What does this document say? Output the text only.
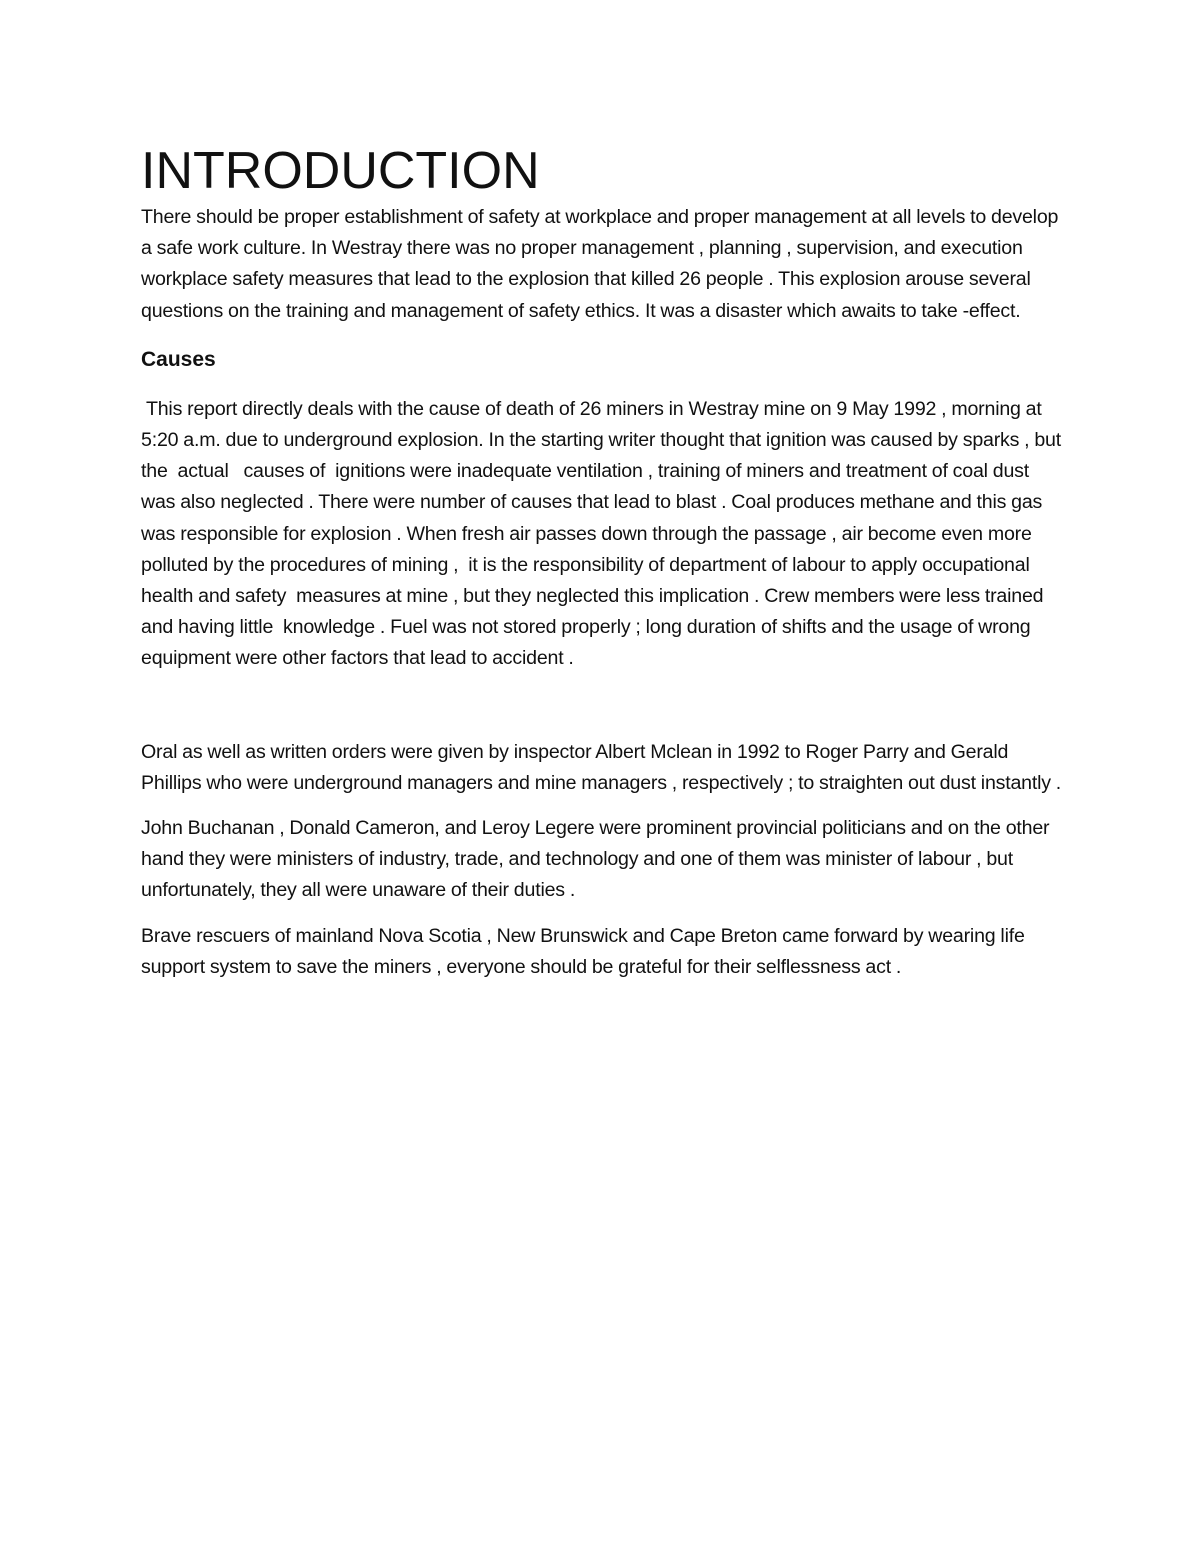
INTRODUCTION

There should be proper establishment of safety at workplace and proper management at all levels to develop a safe work culture. In Westray there was no proper management , planning , supervision, and execution workplace safety measures that lead to the explosion that killed 26 people . This explosion arouse several questions on the training and management of safety ethics. It was a disaster which awaits to take -effect.

Causes

This report directly deals with the cause of death of 26 miners in Westray mine on 9 May 1992 , morning at 5:20 a.m. due to underground explosion. In the starting writer thought that ignition was caused by sparks , but the  actual   causes of  ignitions were inadequate ventilation , training of miners and treatment of coal dust was also neglected . There were number of causes that lead to blast . Coal produces methane and this gas was responsible for explosion . When fresh air passes down through the passage , air become even more polluted by the procedures of mining ,  it is the responsibility of department of labour to apply occupational health and safety  measures at mine , but they neglected this implication . Crew members were less trained and having little  knowledge . Fuel was not stored properly ; long duration of shifts and the usage of wrong equipment were other factors that lead to accident .

Oral as well as written orders were given by inspector Albert Mclean in 1992 to Roger Parry and Gerald Phillips who were underground managers and mine managers , respectively ; to straighten out dust instantly .

John Buchanan , Donald Cameron, and Leroy Legere were prominent provincial politicians and on the other hand they were ministers of industry, trade, and technology and one of them was minister of labour , but unfortunately, they all were unaware of their duties .

Brave rescuers of mainland Nova Scotia , New Brunswick and Cape Breton came forward by wearing life support system to save the miners , everyone should be grateful for their selflessness act .
